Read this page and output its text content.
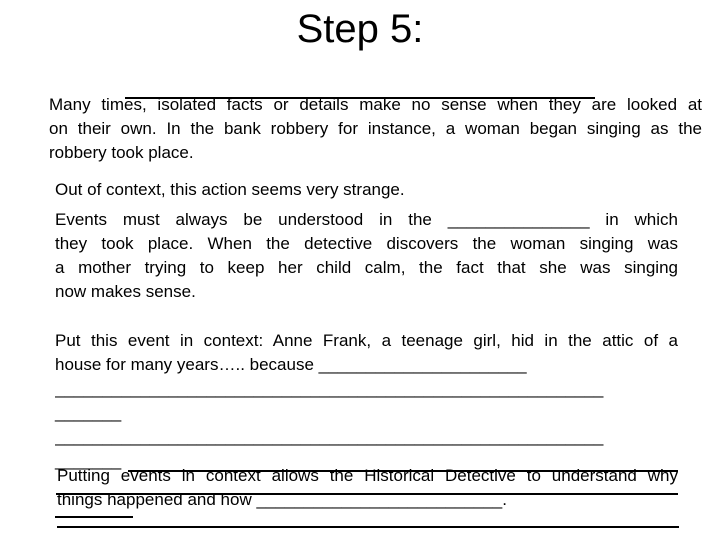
Step 5:

Many times, isolated facts or details make no sense when they are looked at
on their own. In the bank robbery for instance, a woman began singing as the
robbery took place.

Out of context, this action seems very strange.

Events must always be understood in the _______________ in which
they took place. When the detective discovers the woman singing was
a mother trying to keep her child calm, the fact that she was singing
now makes sense.

Put this event in context: Anne Frank, a teenage girl, hid in the attic of a
house for many years….. because ______________________
__________________________________________________________
_______
__________________________________________________________
_______

Putting events in context allows the Historical Detective to understand why
things happened and how __________________________.
